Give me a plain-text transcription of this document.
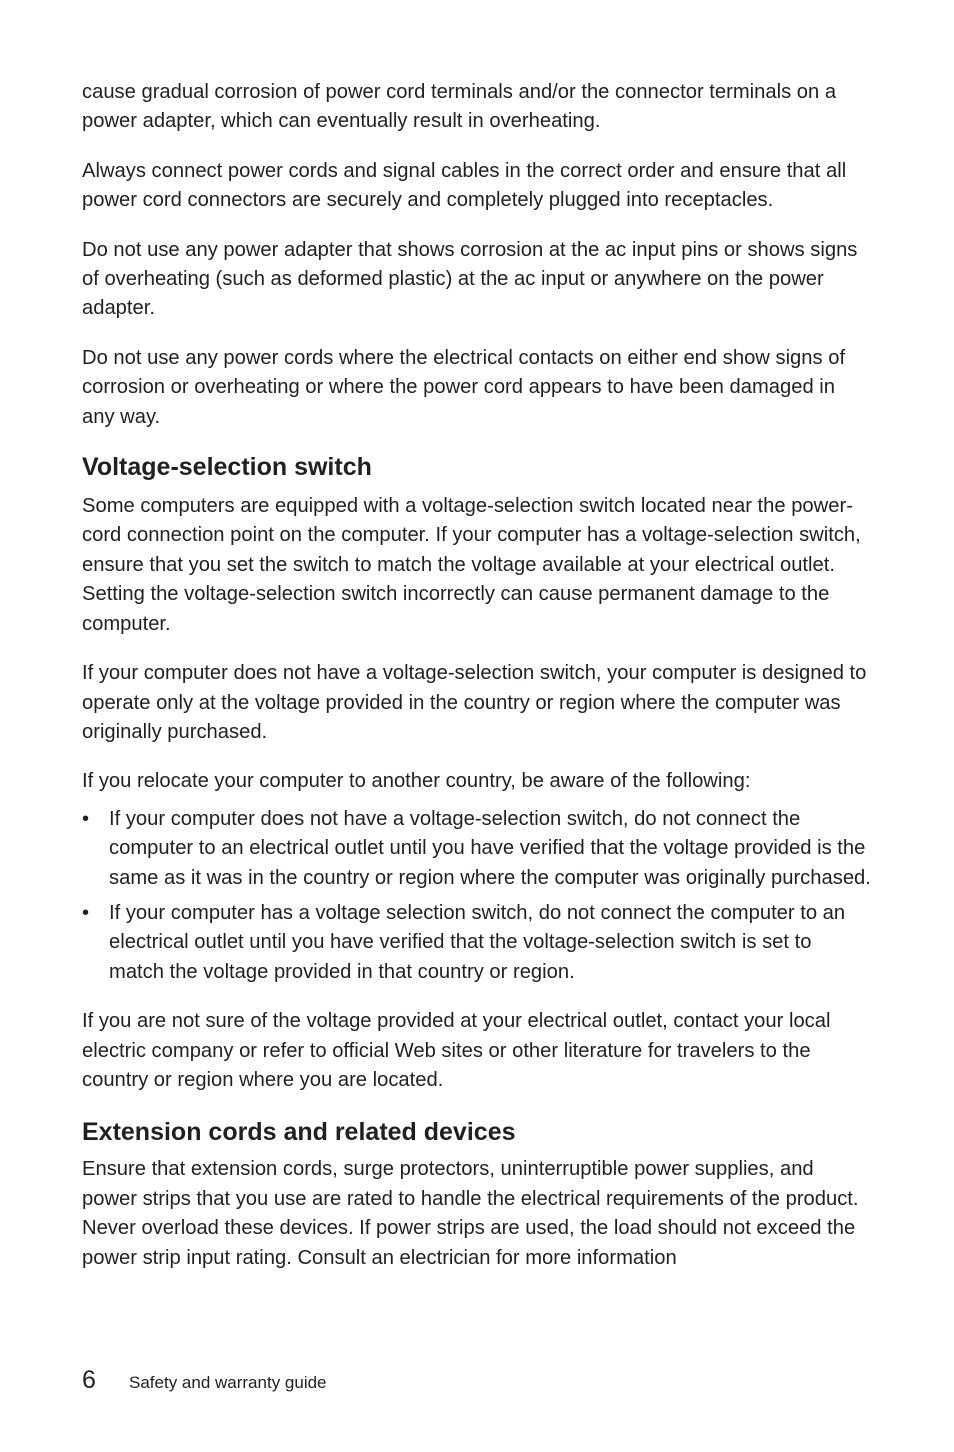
cause gradual corrosion of power cord terminals and/or the connector terminals on a power adapter, which can eventually result in overheating.

Always connect power cords and signal cables in the correct order and ensure that all power cord connectors are securely and completely plugged into receptacles.

Do not use any power adapter that shows corrosion at the ac input pins or shows signs of overheating (such as deformed plastic) at the ac input or anywhere on the power adapter.

Do not use any power cords where the electrical contacts on either end show signs of corrosion or overheating or where the power cord appears to have been damaged in any way.

Voltage-selection switch

Some computers are equipped with a voltage-selection switch located near the power-cord connection point on the computer. If your computer has a voltage-selection switch, ensure that you set the switch to match the voltage available at your electrical outlet. Setting the voltage-selection switch incorrectly can cause permanent damage to the computer.

If your computer does not have a voltage-selection switch, your computer is designed to operate only at the voltage provided in the country or region where the computer was originally purchased.

If you relocate your computer to another country, be aware of the following:

• If your computer does not have a voltage-selection switch, do not connect the computer to an electrical outlet until you have verified that the voltage provided is the same as it was in the country or region where the computer was originally purchased.
• If your computer has a voltage selection switch, do not connect the computer to an electrical outlet until you have verified that the voltage-selection switch is set to match the voltage provided in that country or region.

If you are not sure of the voltage provided at your electrical outlet, contact your local electric company or refer to official Web sites or other literature for travelers to the country or region where you are located.

Extension cords and related devices

Ensure that extension cords, surge protectors, uninterruptible power supplies, and power strips that you use are rated to handle the electrical requirements of the product. Never overload these devices. If power strips are used, the load should not exceed the power strip input rating. Consult an electrician for more information

6	Safety and warranty guide
